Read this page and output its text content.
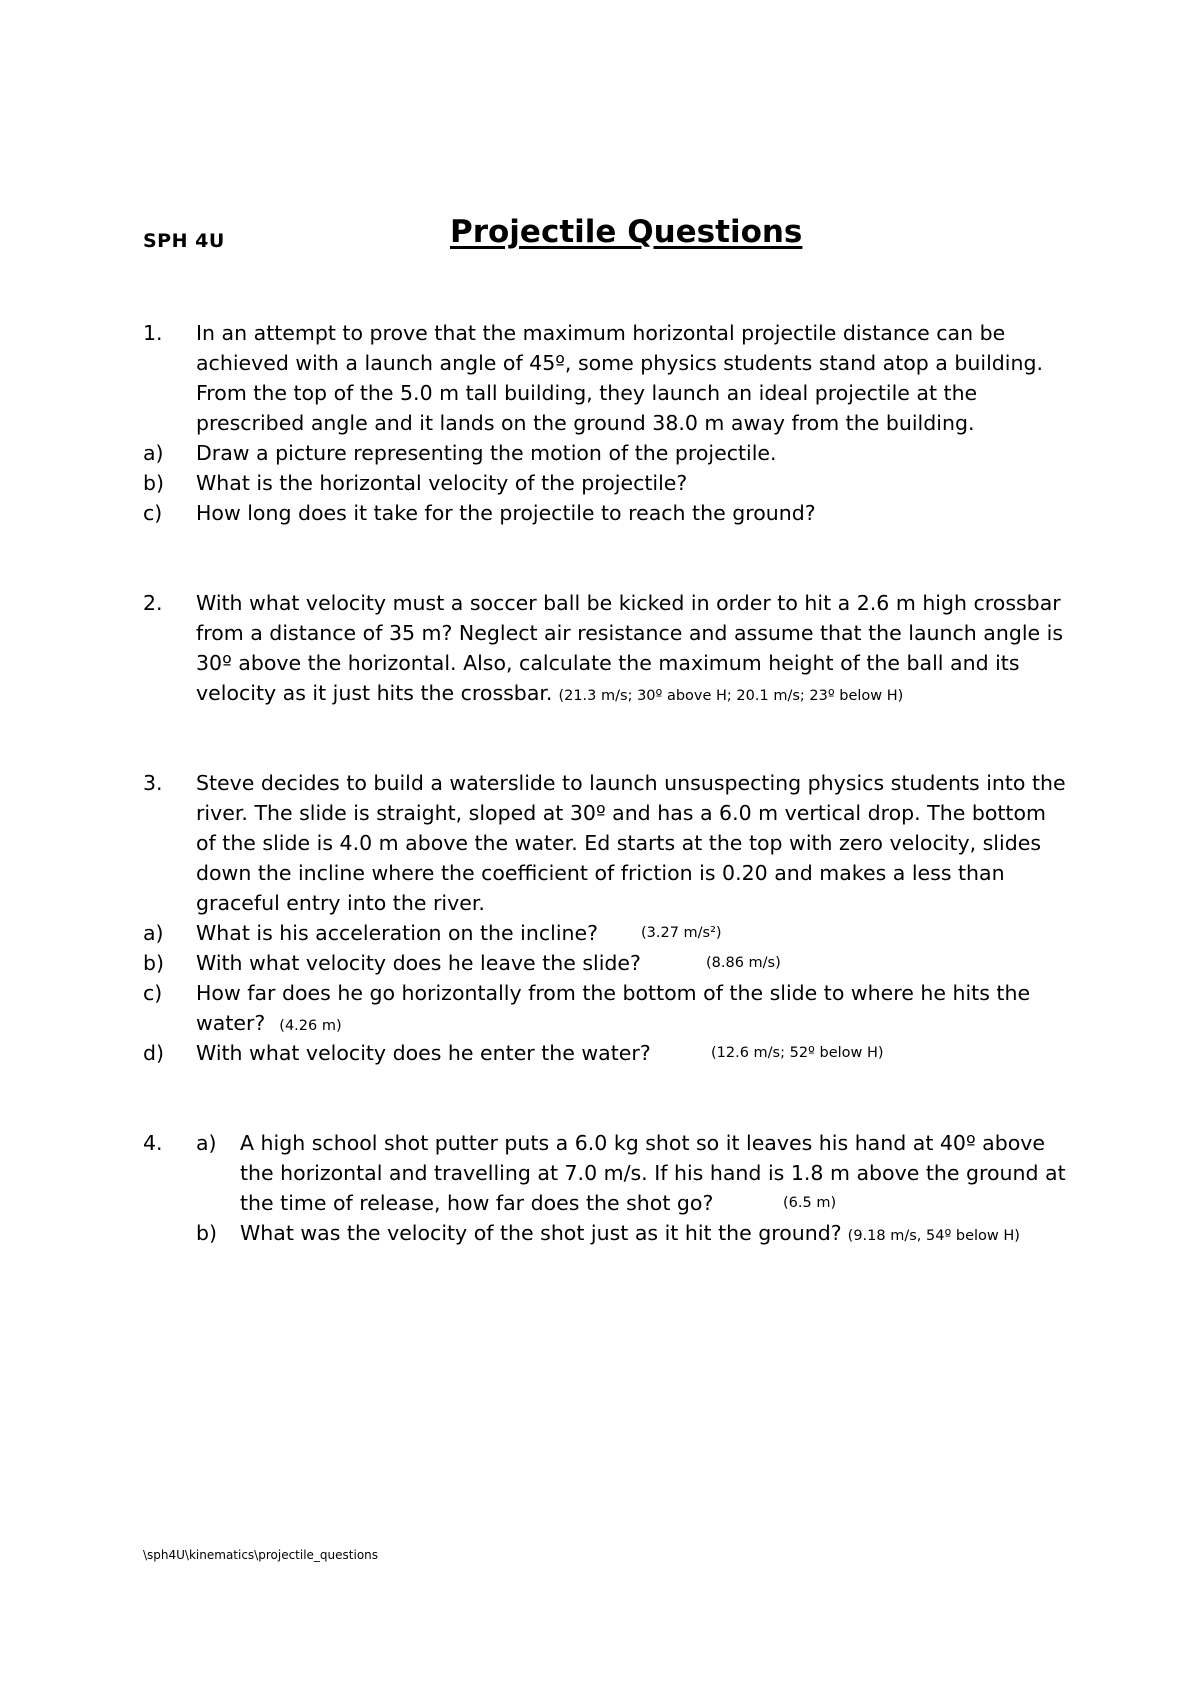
SPH 4U	Projectile Questions
1. In an attempt to prove that the maximum horizontal projectile distance can be
achieved with a launch angle of 45º, some physics students stand atop a building.
From the top of the 5.0 m tall building, they launch an ideal projectile at the
prescribed angle and it lands on the ground 38.0 m away from the building.
a) Draw a picture representing the motion of the projectile.
b) What is the horizontal velocity of the projectile?
c) How long does it take for the projectile to reach the ground?
2. With what velocity must a soccer ball be kicked in order to hit a 2.6 m high crossbar
from a distance of 35 m? Neglect air resistance and assume that the launch angle is
30º above the horizontal. Also, calculate the maximum height of the ball and its
velocity as it just hits the crossbar. (21.3 m/s; 30º above H; 20.1 m/s; 23º below H)
3. Steve decides to build a waterslide to launch unsuspecting physics students into the
river. The slide is straight, sloped at 30º and has a 6.0 m vertical drop. The bottom
of the slide is 4.0 m above the water. Ed starts at the top with zero velocity, slides
down the incline where the coefficient of friction is 0.20 and makes a less than
graceful entry into the river.
a) What is his acceleration on the incline?	(3.27 m/s²)
b) With what velocity does he leave the slide?	(8.86 m/s)
c) How far does he go horizontally from the bottom of the slide to where he hits the
water? (4.26 m)
d) With what velocity does he enter the water?	(12.6 m/s; 52º below H)
4. a) A high school shot putter puts a 6.0 kg shot so it leaves his hand at 40º above
the horizontal and travelling at 7.0 m/s. If his hand is 1.8 m above the ground at
the time of release, how far does the shot go?	(6.5 m)
b) What was the velocity of the shot just as it hit the ground? (9.18 m/s, 54º below H)
\sph4U\kinematics\projectile_questions
